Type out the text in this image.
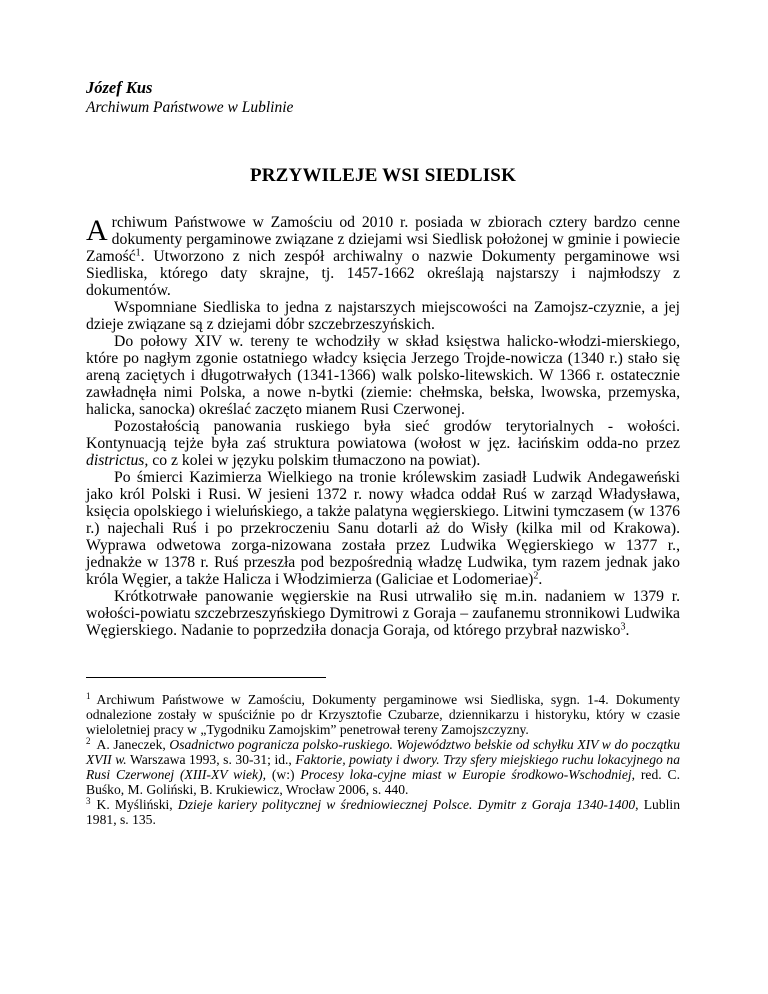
Józef Kus
Archiwum Państwowe w Lublinie
PRZYWILEJE WSI SIEDLISK

Archiwum Państwowe w Zamościu od 2010 r. posiada w zbiorach cztery bardzo cenne dokumenty pergaminowe związane z dziejami wsi Siedlisk położonej w gminie i powiecie Zamość$^1$. Utworzono z nich zespół archiwalny o nazwie Dokumenty pergaminowe wsi Siedliska, którego daty skrajne, tj. 1457-1662 określają najstarszy i najmłodszy z dokumentów.

Wspomniane Siedliska to jedna z najstarszych miejscowości na Zamojsz-czyznie, a jej dzieje związane są z dziejami dóbr szczebrzeszyńskich.

Do połowy XIV w. tereny te wchodziły w skład księstwa halicko-włodzi-mierskiego, które po nagłym zgonie ostatniego władcy księcia Jerzego Trojde-nowicza (1340 r.) stało się areną zaciętych i długotrwałych (1341-1366) walk polsko-litewskich. W 1366 r. ostatecznie zawładnęła nimi Polska, a nowe n-bytki (ziemie: chełmska, bełska, lwowska, przemyska, halicka, sanocka) określać zaczęto mianem Rusi Czerwonej.

Pozostałością panowania ruskiego była sieć grodów terytorialnych - wołości. Kontynuacją tejże była zaś struktura powiatowa (wołost w jęz. łacińskim odda-no przez districtus, co z kolei w języku polskim tłumaczono na powiat).

Po śmierci Kazimierza Wielkiego na tronie królewskim zasiadł Ludwik Andegaweński jako król Polski i Rusi. W jesieni 1372 r. nowy władca oddał Ruś w zarząd Władysława, księcia opolskiego i wieluńskiego, a także palatyna węgierskiego. Litwini tymczasem (w 1376 r.) najechali Ruś i po przekroczeniu Sanu dotarli aż do Wisły (kilka mil od Krakowa). Wyprawa odwetowa zorga-nizowana została przez Ludwika Węgierskiego w 1377 r., jednakże w 1378 r. Ruś przeszła pod bezpośrednią władzę Ludwika, tym razem jednak jako króla Węgier, a także Halicza i Włodzimierza (Galiciae et Lodomeriae)$^2$.

Krótkotrwałe panowanie węgierskie na Rusi utrwaliło się m.in. nadaniem w 1379 r. wołości-powiatu szczebrzeszyńskiego Dymitrowi z Goraja – zaufanemu stronnikowi Ludwika Węgierskiego. Nadanie to poprzedziła donacja Goraja, od którego przybrał nazwisko$^3$.

$^1$ Archiwum Państwowe w Zamościu, Dokumenty pergaminowe wsi Siedliska, sygn. 1-4. Dokumenty odnalezione zostały w spuściźnie po dr Krzysztofie Czubarze, dziennikarzu i historyku, który w czasie wieloletniej pracy w „Tygodniku Zamojskim” penetrował tereny Zamojszczyzny.

$^2$ A. Janeczek, Osadnictwo pogranicza polsko-ruskiego. Województwo bełskie od schyłku XIV w do początku XVII w. Warszawa 1993, s. 30-31; id., Faktorie, powiaty i dwory. Trzy sfery miejskiego ruchu lokacyjnego na Rusi Czerwonej (XIII-XV wiek), (w:) Procesy loka-cyjne miast w Europie środkowo-Wschodniej, red. C. Buśko, M. Goliński, B. Krukiewicz, Wrocław 2006, s. 440.

$^3$ K. Myśliński, Dzieje kariery politycznej w średniowiecznej Polsce. Dymitr z Goraja 1340-1400, Lublin 1981, s. 135.
